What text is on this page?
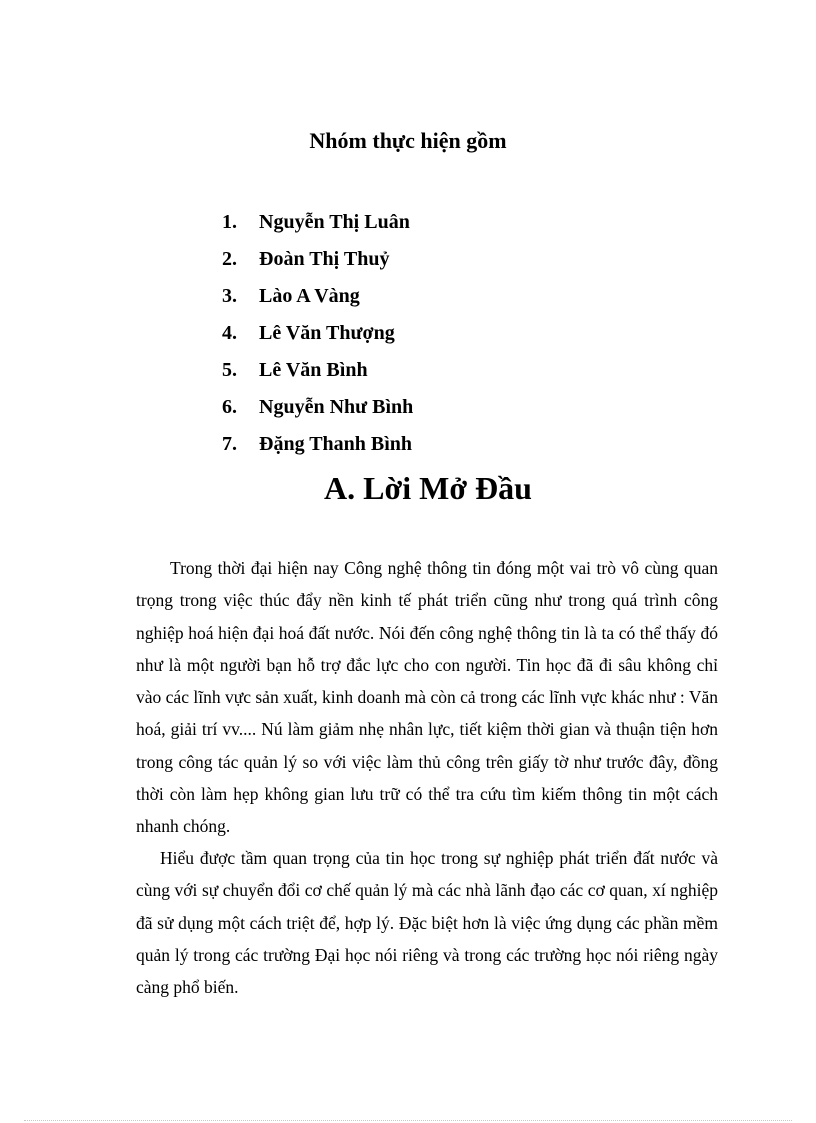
Nhóm thực hiện gồm
1. Nguyễn Thị Luân
2. Đoàn Thị Thuỷ
3. Lào A Vàng
4. Lê Văn Thượng
5. Lê Văn Bình
6. Nguyễn Như Bình
7. Đặng Thanh Bình
A. Lời Mở Đầu

Trong thời đại hiện nay Công nghệ thông tin đóng một vai trò vô cùng quan trọng trong việc thúc đẩy nền kinh tế phát triển cũng như trong quá trình công nghiệp hoá hiện đại hoá đất nước. Nói đến công nghệ thông tin là ta có thể thấy đó như là một người bạn hỗ trợ đắc lực cho con người. Tin học đã đi sâu không chỉ vào các lĩnh vực sản xuất, kinh doanh mà còn cả trong các lĩnh vực khác như : Văn hoá, giải trí vv.... Nú làm giảm nhẹ nhân lực, tiết kiệm thời gian và thuận tiện hơn trong công tác quản lý so với việc làm thủ công trên giấy tờ như trước đây, đồng thời còn làm hẹp không gian lưu trữ có thể tra cứu tìm kiếm thông tin một cách nhanh chóng.

Hiểu được tầm quan trọng của tin học trong sự nghiệp phát triển đất nước và cùng với sự chuyển đổi cơ chế quản lý mà các nhà lãnh đạo các cơ quan, xí nghiệp đã sử dụng một cách triệt để, hợp lý. Đặc biệt hơn là việc ứng dụng các phần mềm quản lý trong các trường Đại học nói riêng và trong các trường học nói riêng ngày càng phổ biến.
